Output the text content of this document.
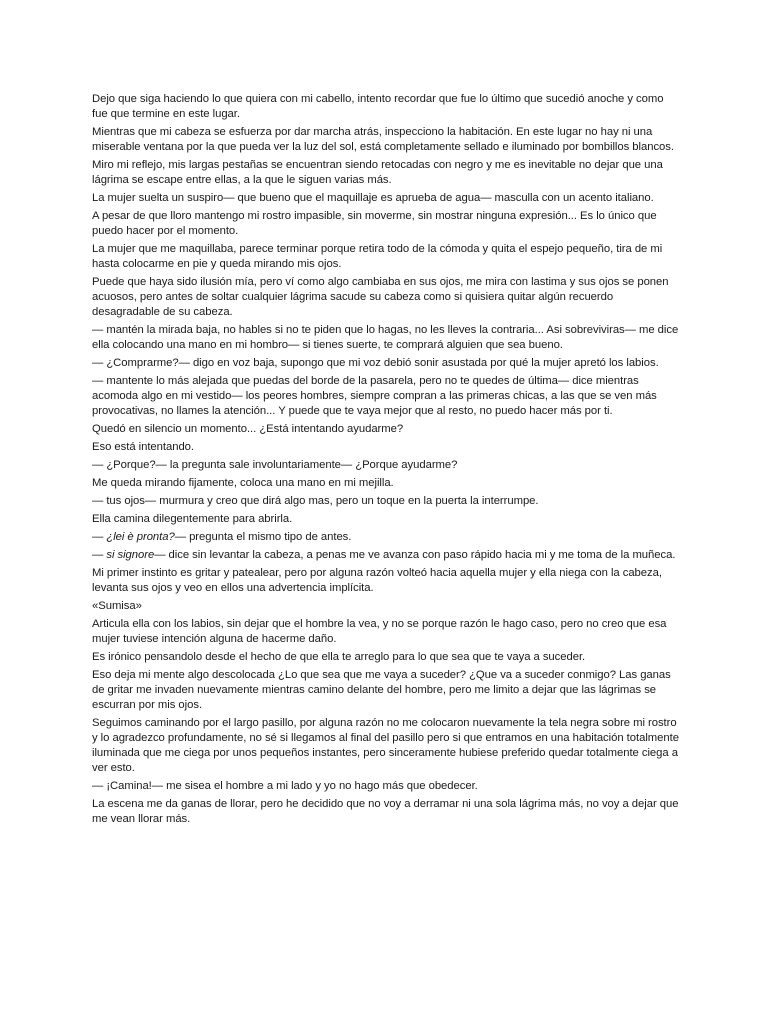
Dejo que siga haciendo lo que quiera con mi cabello, intento recordar que fue lo último que sucedió anoche y como fue que termine en este lugar.

Mientras que mi cabeza se esfuerza por dar marcha atrás, inspecciono la habitación. En este lugar no hay ni una miserable ventana por la que pueda ver la luz del sol, está completamente sellado e iluminado por bombillos blancos.

Miro mi reflejo, mis largas pestañas se encuentran siendo retocadas con negro y me es inevitable no dejar que una lágrima se escape entre ellas, a la que le siguen varias más.

La mujer suelta un suspiro— que bueno que el maquillaje es aprueba de agua— masculla con un acento italiano.

A pesar de que lloro mantengo mi rostro impasible, sin moverme, sin mostrar ninguna expresión... Es lo único que puedo hacer por el momento.

La mujer que me maquillaba, parece terminar porque retira todo de la cómoda y quita el espejo pequeño, tira de mi hasta colocarme en pie y queda mirando mis ojos.

Puede que haya sido ilusión mía, pero ví como algo cambiaba en sus ojos, me mira con lastima y sus ojos se ponen acuosos, pero antes de soltar cualquier lágrima sacude su cabeza como si quisiera quitar algún recuerdo desagradable de su cabeza.

— mantén la mirada baja, no hables si no te piden que lo hagas, no les lleves la contraria... Asi sobreviviras— me dice ella colocando una mano en mi hombro— si tienes suerte, te comprará alguien que sea bueno.

— ¿Comprarme?— digo en voz baja, supongo que mi voz debió sonir asustada por qué la mujer apretó los labios.

— mantente lo más alejada que puedas del borde de la pasarela, pero no te quedes de última— dice mientras acomoda algo en mi vestido— los peores hombres, siempre compran a las primeras chicas, a las que se ven más provocativas, no llames la atención... Y puede que te vaya mejor que al resto, no puedo hacer más por ti.

Quedó en silencio un momento... ¿Está intentando ayudarme?

Eso está intentando.

— ¿Porque?— la pregunta sale involuntariamente— ¿Porque ayudarme?

Me queda mirando fijamente, coloca una mano en mi mejilla.

— tus ojos— murmura y creo que dirá algo mas, pero un toque en la puerta la interrumpe.

Ella camina dilegentemente para abrirla.

— ¿lei è pronta?— pregunta el mismo tipo de antes.

— si signore— dice sin levantar la cabeza, a penas me ve avanza con paso rápido hacia mi y me toma de la muñeca.

Mi primer instinto es gritar y patealear, pero por alguna razón volteó hacia aquella mujer y ella niega con la cabeza, levanta sus ojos y veo en ellos una advertencia implícita.

«Sumisa»

Articula ella con los labios, sin dejar que el hombre la vea, y no se porque razón le hago caso, pero no creo que esa mujer tuviese intención alguna de hacerme daño.

Es irónico pensandolo desde el hecho de que ella te arreglo para lo que sea que te vaya a suceder.

Eso deja mi mente algo descolocada ¿Lo que sea que me vaya a suceder? ¿Que va a suceder conmigo? Las ganas de gritar me invaden nuevamente mientras camino delante del hombre, pero me limito a dejar que las lágrimas se escurran por mis ojos.

Seguimos caminando por el largo pasillo, por alguna razón no me colocaron nuevamente la tela negra sobre mi rostro y lo agradezco profundamente, no sé si llegamos al final del pasillo pero si que entramos en una habitación totalmente iluminada que me ciega por unos pequeños instantes, pero sinceramente hubiese preferido quedar totalmente ciega a ver esto.

— ¡Camina!— me sisea el hombre a mi lado y yo no hago más que obedecer.

La escena me da ganas de llorar, pero he decidido que no voy a derramar ni una sola lágrima más, no voy a dejar que me vean llorar más.
